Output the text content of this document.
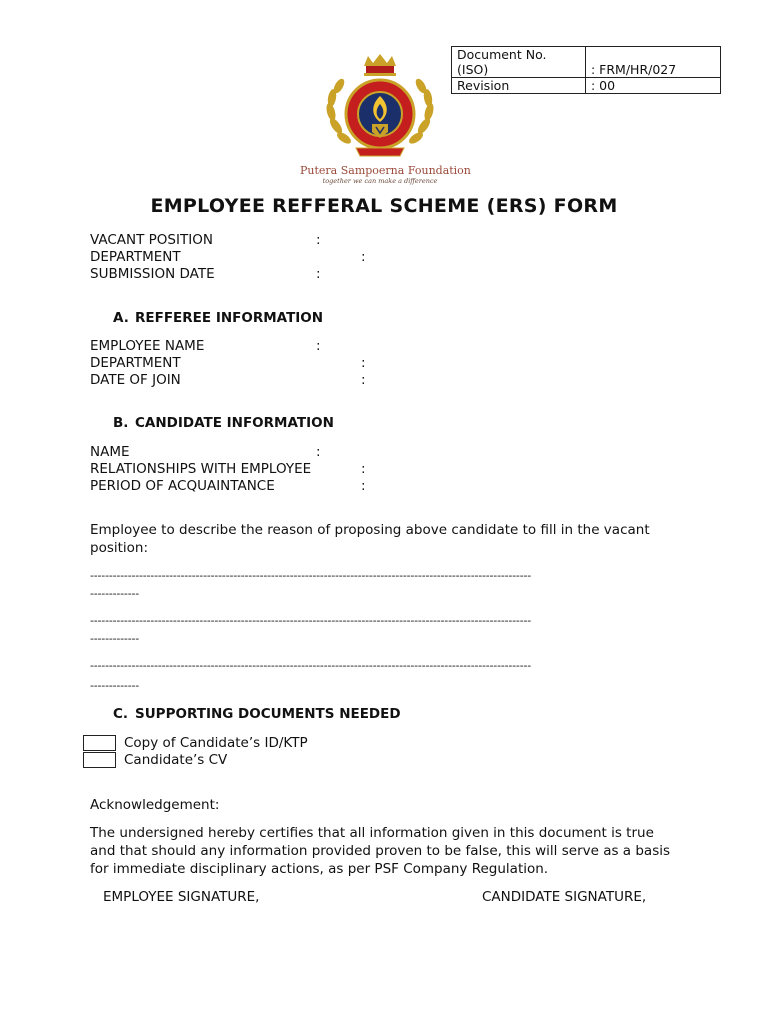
Document No. (ISO)	: FRM/HR/027
Revision	: 00
Putera Sampoerna Foundation
together we can make a difference
EMPLOYEE REFFERAL SCHEME (ERS) FORM
VACANT POSITION	:
DEPARTMENT	:
SUBMISSION DATE	:
A. REFFEREE INFORMATION
EMPLOYEE NAME	:
DEPARTMENT	:
DATE OF JOIN	:
B. CANDIDATE INFORMATION
NAME	:
RELATIONSHIPS WITH EMPLOYEE	:
PERIOD OF ACQUAINTANCE	:
Employee to describe the reason of proposing above candidate to fill in the vacant position:
---------------------------------------------------------------------------------------------------------------------
-------------
---------------------------------------------------------------------------------------------------------------------
-------------
---------------------------------------------------------------------------------------------------------------------
-------------
C. SUPPORTING DOCUMENTS NEEDED
Copy of Candidate’s ID/KTP
Candidate’s CV
Acknowledgement:
The undersigned hereby certifies that all information given in this document is true and that should any information provided proven to be false, this will serve as a basis for immediate disciplinary actions, as per PSF Company Regulation.
EMPLOYEE SIGNATURE,	CANDIDATE SIGNATURE,
